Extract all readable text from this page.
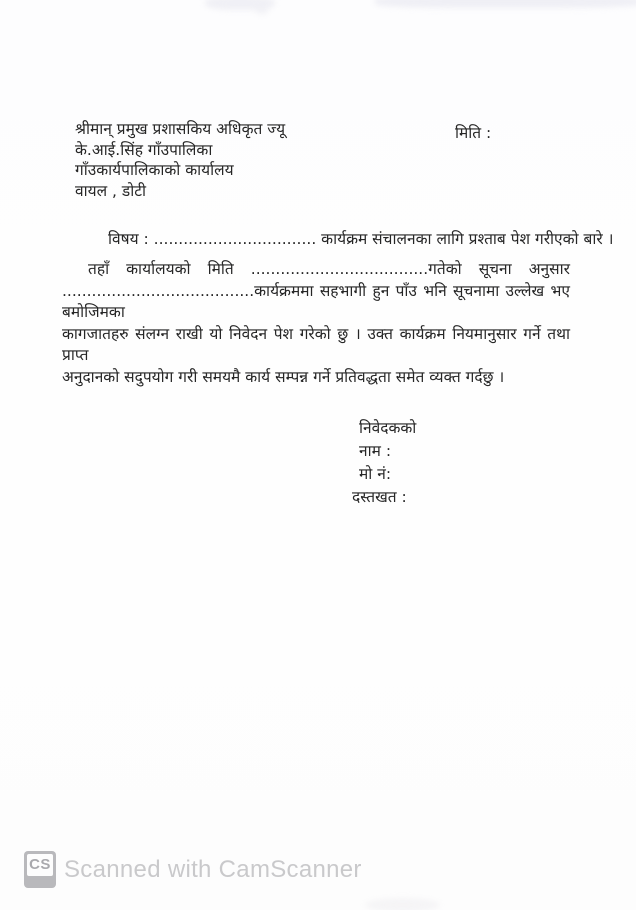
श्रीमान् प्रमुख प्रशासकिय अधिकृत ज्यू
के.आई.सिंह गाँउपालिका
गाँउकार्यपालिकाको कार्यालय
वायल , डोटी
मिति :
विषय : ................................. कार्यक्रम संचालनका लागि प्रश्ताब पेश गरीएको बारे ।
तहाँ कार्यालयको मिति ....................................गतेको सूचना अनुसार
.......................................कार्यक्रममा सहभागी हुन पाँउ भनि सूचनामा उल्लेख भए बमोजिमका
कागजातहरु संलग्न राखी यो निवेदन पेश गरेको छु । उक्त कार्यक्रम नियमानुसार गर्ने तथा प्राप्त
अनुदानको सदुपयोग गरी समयमै कार्य सम्पन्न गर्ने प्रतिवद्धता समेत व्यक्त गर्दछु ।
निवेदकको
नाम :
मो नं:
दस्तखत :
CS Scanned with CamScanner
